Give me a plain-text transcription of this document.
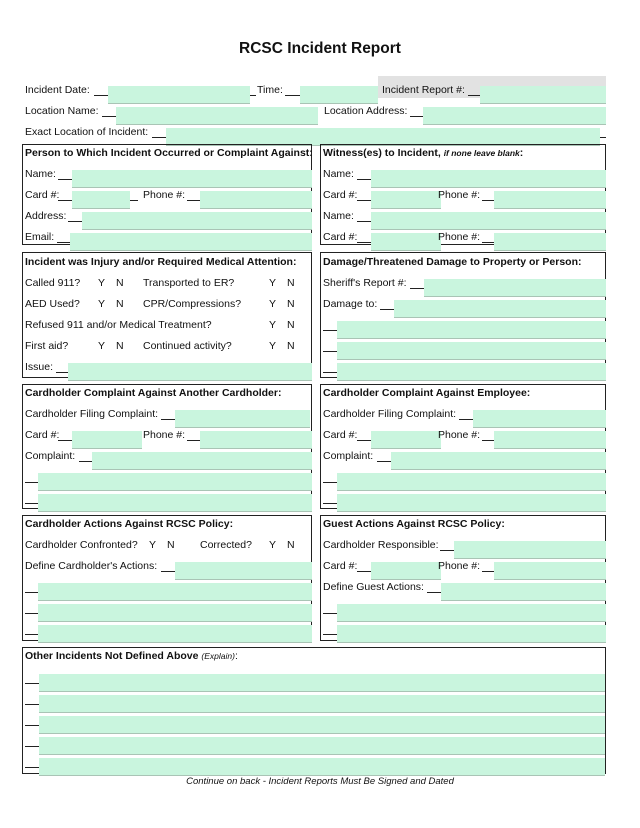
RCSC Incident Report
Incident Date:	Time:	Incident Report #:
Location Name:	Location Address:
Exact Location of Incident:
Person to Which Incident Occurred or Complaint Against:
Name:
Card #:	Phone #:
Address:
Email:
Witness(es) to Incident, if none leave blank:
Name:
Card #:	Phone #:
Name:
Card #:	Phone #:
Incident was Injury and/or Required Medical Attention:
Called 911? Y N Transported to ER?	Y N
AED Used? Y N CPR/Compressions?	Y N
Refused 911 and/or Medical Treatment?	Y N
First aid?	Y N Continued activity?	Y N
Issue:
Damage/Threatened Damage to Property or Person:
Sheriff's Report #:
Damage to:
Cardholder Complaint Against Another Cardholder:
Cardholder Filing Complaint:
Card #:	Phone #:
Complaint:
Cardholder Complaint Against Employee:
Cardholder Filing Complaint:
Card #:	Phone #:
Complaint:
Cardholder Actions Against RCSC Policy:
Cardholder Confronted? Y N Corrected? Y N
Define Cardholder's Actions:
Guest Actions Against RCSC Policy:
Cardholder Responsible:
Card #:	Phone #:
Define Guest Actions:
Other Incidents Not Defined Above (Explain):
Continue on back - Incident Reports Must Be Signed and Dated
